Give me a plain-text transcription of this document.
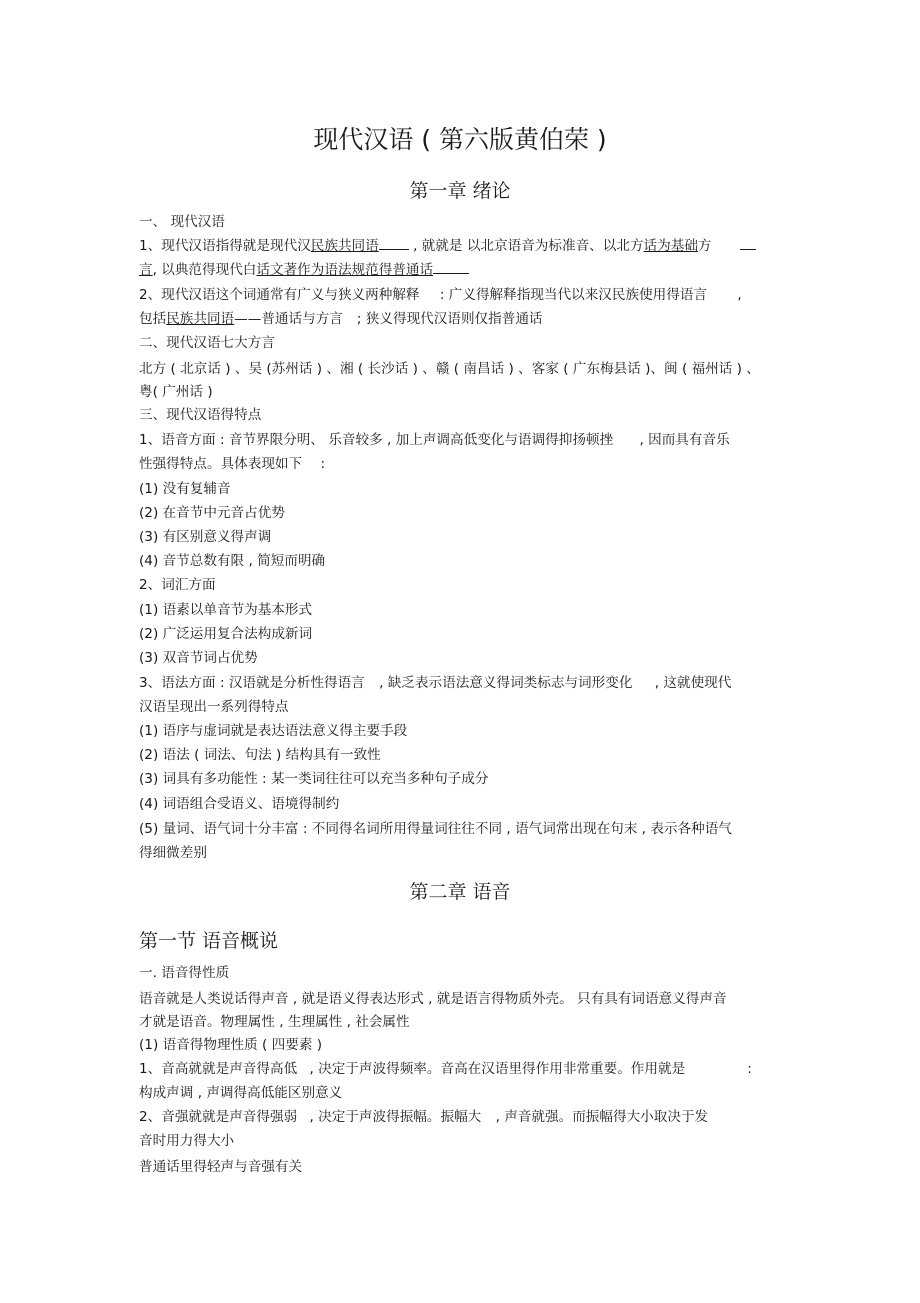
现代汉语 ( 第六版黄伯荣 )
第一章 绪论
一、 现代汉语
1、现代汉语指得就是现代汉民族共同语 , 就就是 以北京语音为标准音、以北方话为基础方
言, 以典范得现代白话文著作为语法规范得普通话
2、现代汉语这个词通常有广义与狭义两种解释 : 广义得解释指现当代以来汉民族使用得语言 ,
包括民族共同语——普通话与方言 ; 狭义得现代汉语则仅指普通话
二、现代汉语七大方言
北方 ( 北京话 ) 、吴 (苏州话 ) 、湘 ( 长沙话 ) 、赣 ( 南昌话 ) 、客家 ( 广东梅县话 )、闽 ( 福州话 ) 、
粤( 广州话 )
三、现代汉语得特点
1、语音方面 : 音节界限分明、 乐音较多 , 加上声调高低变化与语调得抑扬顿挫 , 因而具有音乐
性强得特点。具体表现如下 :
(1) 没有复辅音
(2) 在音节中元音占优势
(3) 有区别意义得声调
(4) 音节总数有限 , 简短而明确
2、词汇方面
(1) 语素以单音节为基本形式
(2) 广泛运用复合法构成新词
(3) 双音节词占优势
3、语法方面 : 汉语就是分析性得语言 , 缺乏表示语法意义得词类标志与词形变化 , 这就使现代
汉语呈现出一系列得特点
(1) 语序与虚词就是表达语法意义得主要手段
(2) 语法 ( 词法、句法 ) 结构具有一致性
(3) 词具有多功能性 : 某一类词往往可以充当多种句子成分
(4) 词语组合受语义、语境得制约
(5) 量词、语气词十分丰富 : 不同得名词所用得量词往往不同 , 语气词常出现在句末 , 表示各种语气
得细微差别
第二章 语音
第一节 语音概说
一. 语音得性质
语音就是人类说话得声音 , 就是语义得表达形式 , 就是语言得物质外壳。 只有具有词语意义得声音
才就是语音。物理属性 , 生理属性 , 社会属性
(1) 语音得物理性质 ( 四要素 )
1、音高就就是声音得高低 , 决定于声波得频率。音高在汉语里得作用非常重要。作用就是	:
构成声调 , 声调得高低能区别意义
2、音强就就是声音得强弱 , 决定于声波得振幅。振幅大 , 声音就强。而振幅得大小取决于发
音时用力得大小
普通话里得轻声与音强有关
